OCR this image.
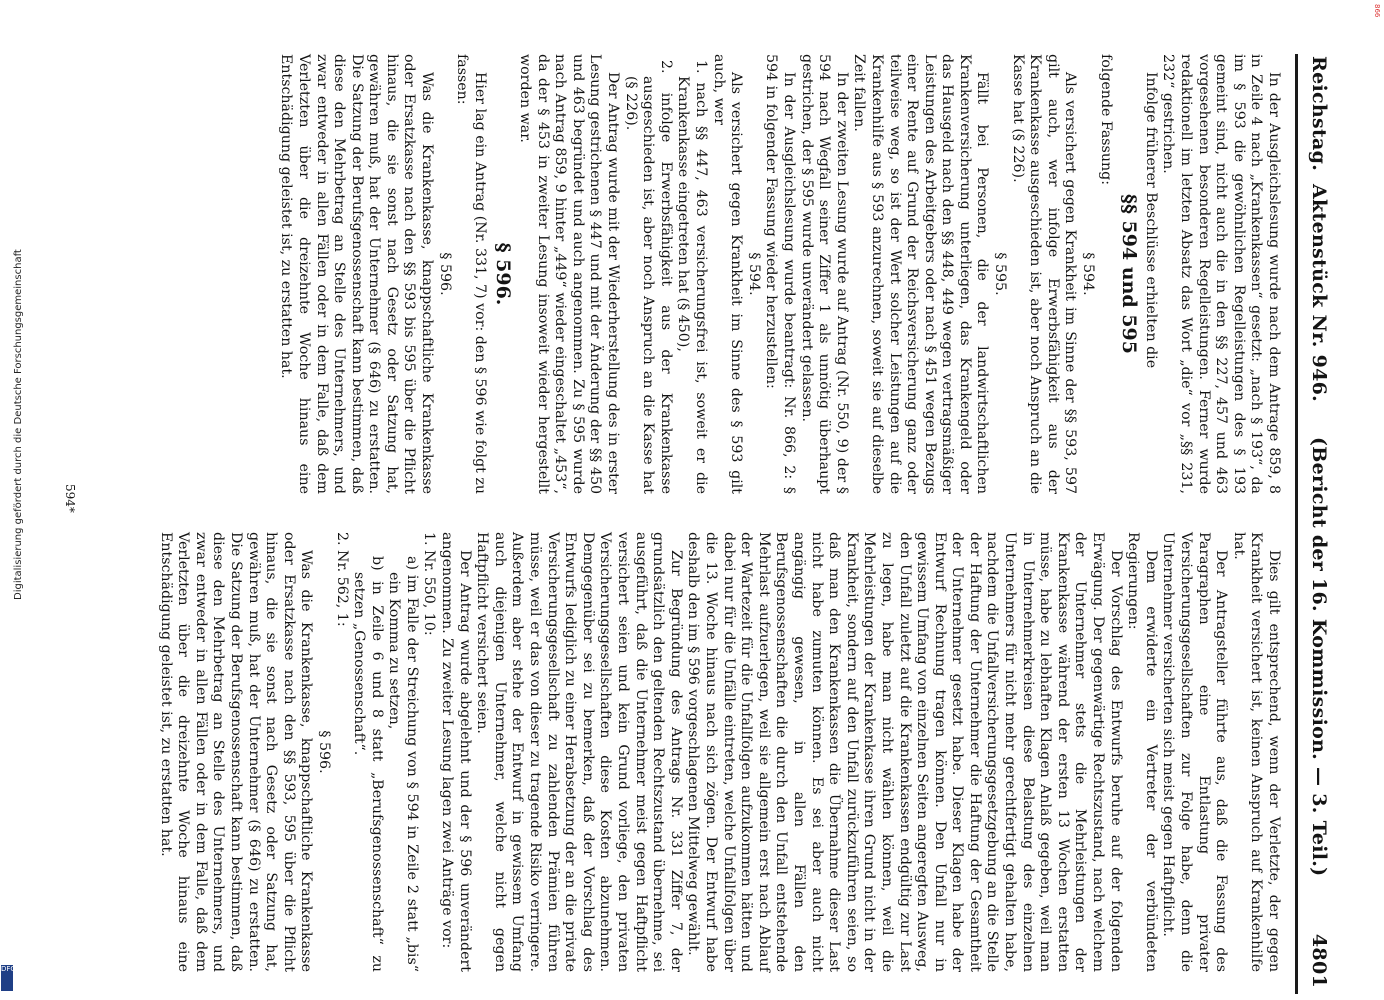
Reichstag.
Aktenstück Nr. 946. (Bericht der 16. Kommission. — 3. Teil.)
4801

In der Ausgleichslesung wurde nach dem Antrage 859, 8 in Zeile 4 nach „Krankenkassen“ gesetzt: „nach § 193“, da im § 593 die gewöhnlichen Regelleistungen des § 193 gemeint sind, nicht auch die in den §§ 227, 457 und 463 vorgesehenen besonderen Regelleistungen. Ferner wurde redaktionell im letzten Absatz das Wort „die“ vor „§§ 231, 232“ gestrichen.

Infolge früherer Beschlüsse erhielten die

§§ 594 und 595

folgende Fassung:

§ 594.

Als versichert gegen Krankheit im Sinne der §§ 593, 597 gilt auch, wer infolge Erwerbsfähigkeit aus der Krankenkasse ausgeschieden ist, aber noch Anspruch an die Kasse hat (§ 226).

§ 595.

Fällt bei Personen, die der landwirtschaftlichen Krankenversicherung unterliegen, das Krankengeld oder das Hausgeld nach den §§ 448, 449 wegen vertragsmäßiger Leistungen des Arbeitgebers oder nach § 451 wegen Bezugs einer Rente auf Grund der Reichsversicherung ganz oder teilweise weg, so ist der Wert solcher Leistungen auf die Krankenhilfe aus § 593 anzurechnen, soweit sie auf dieselbe Zeit fallen.

In der zweiten Lesung wurde auf Antrag (Nr. 550, 9) der § 594 nach Wegfall seiner Ziffer 1 als unnötig überhaupt gestrichen, der § 595 wurde unverändert gelassen.

In der Ausgleichslesung wurde beantragt: Nr. 866, 2: § 594 in folgender Fassung wieder herzustellen:

§ 594.

Als versichert gegen Krankheit im Sinne des § 593 gilt auch, wer

1. nach §§ 447, 463 versicherungsfrei ist, soweit er die Krankenkasse eingetreten hat (§ 450),

2. infolge Erwerbsfähigkeit aus der Krankenkasse ausgeschieden ist, aber noch Anspruch an die Kasse hat (§ 226).

Der Antrag wurde mit der Wiederherstellung des in erster Lesung gestrichenen § 447 und mit der Änderung der §§ 450 und 463 begründet und auch angenommen. Zu § 595 wurde nach Antrag 859, 9 hinter „449“ wieder eingeschaltet „453“, da der § 453 in zweiter Lesung insoweit wieder hergestellt worden war.

§ 596.

Hier lag ein Antrag (Nr. 331, 7) vor: den § 596 wie folgt zu fassen:

§ 596.

Was die Krankenkasse, knappschaftliche Krankenkasse oder Ersatzkasse nach den §§ 593 bis 595 über die Pflicht hinaus, die sie sonst nach Gesetz oder Satzung hat, gewähren muß, hat der Unternehmer (§ 646) zu erstatten. Die Satzung der Berufsgenossenschaft kann bestimmen, daß diese den Mehrbetrag an Stelle des Unternehmers, und zwar entweder in allen Fällen oder in dem Falle, daß dem Verletzten über die dreizehnte Woche hinaus eine Entschädigung geleistet ist, zu erstatten hat.

Dies gilt entsprechend, wenn der Verletzte, der gegen Krankheit versichert ist, keinen Anspruch auf Krankenhilfe hat.

Der Antragsteller führte aus, daß die Fassung des Paragraphen eine Entlastung privater Versicherungsgesellschaften zur Folge habe, denn die Unternehmer versicherten sich meist gegen Haftpflicht.

Dem erwiderte ein Vertreter der verbündeten Regierungen:

Der Vorschlag des Entwurfs beruhe auf der folgenden Erwägung. Der gegenwärtige Rechtszustand, nach welchem der Unternehmer stets die Mehrleistungen der Krankenkasse während der ersten 13 Wochen erstatten müsse, habe zu lebhaften Klagen Anlaß gegeben, weil man in Unternehmerkreisen diese Belastung des einzelnen Unternehmers für nicht mehr gerechtfertigt gehalten habe, nachdem die Unfallversicherungsgesetzgebung an die Stelle der Haftung der Unternehmer die Haftung der Gesamtheit der Unternehmer gesetzt habe. Dieser Klagen habe der Entwurf Rechnung tragen können. Den Unfall nur in gewissem Umfang von einzelnen Seiten angeregten Ausweg, den Unfall zuletzt auf die Krankenkassen endgültig zur Last zu legen, habe man nicht wählen können, weil die Mehrleistungen der Krankenkasse ihren Grund nicht in der Krankheit, sondern auf den Unfall zurückzuführen seien, so daß man den Krankenkassen die Übernahme dieser Last nicht habe zumuten können. Es sei aber auch nicht angängig gewesen, in allen Fällen den Berufsgenossenschaften die durch den Unfall entstehende Mehrlast aufzuerlegen, weil sie allgemein erst nach Ablauf der Wartezeit für die Unfallfolgen aufzukommen hätten und dabei nur für die Unfälle eintreten, welche Unfallfolgen über die 13. Woche hinaus nach sich zögen. Der Entwurf habe deshalb den im § 596 vorgeschlagenen Mittelweg gewählt.

Zur Begründung des Antrags Nr. 331 Ziffer 7, der grundsätzlich den geltenden Rechtszustand übernehme, sei ausgeführt, daß die Unternehmer meist gegen Haftpflicht versichert seien und kein Grund vorliege, den privaten Versicherungsgesellschaften diese Kosten abzunehmen. Demgegenüber sei zu bemerken, daß der Vorschlag des Entwurfs lediglich zu einer Herabsetzung der an die private Versicherungsgesellschaft zu zahlenden Prämien führen müsse, weil er das von dieser zu tragende Risiko verringere. Außerdem aber stehe der Entwurf in gewissem Umfang auch diejenigen Unternehmer, welche nicht gegen Haftpflicht versichert seien.

Der Antrag wurde abgelehnt und der § 596 unverändert angenommen. Zu zweiter Lesung lagen zwei Anträge vor:

1. Nr. 550, 10:

a) im Falle der Streichung von § 594 in Zeile 2 statt „bis“ ein Komma zu setzen,

b) in Zeile 6 und 8 statt „Berufsgenossenschaft“ zu setzen „Genossenschaft“.

2. Nr. 562, 1:

§ 596.

Was die Krankenkasse, knappschaftliche Krankenkasse oder Ersatzkasse nach den §§ 593, 595 über die Pflicht hinaus, die sie sonst nach Gesetz oder Satzung hat, gewähren muß, hat der Unternehmer (§ 646) zu erstatten. Die Satzung der Berufsgenossenschaft kann bestimmen, daß diese den Mehrbetrag an Stelle des Unternehmers, und zwar entweder in allen Fällen oder in dem Falle, daß dem Verletzten über die dreizehnte Woche hinaus eine Entschädigung geleistet ist, zu erstatten hat.

594*
Digitalisierung gefördert durch die Deutsche Forschungsgemeinschaft
DFG
866
